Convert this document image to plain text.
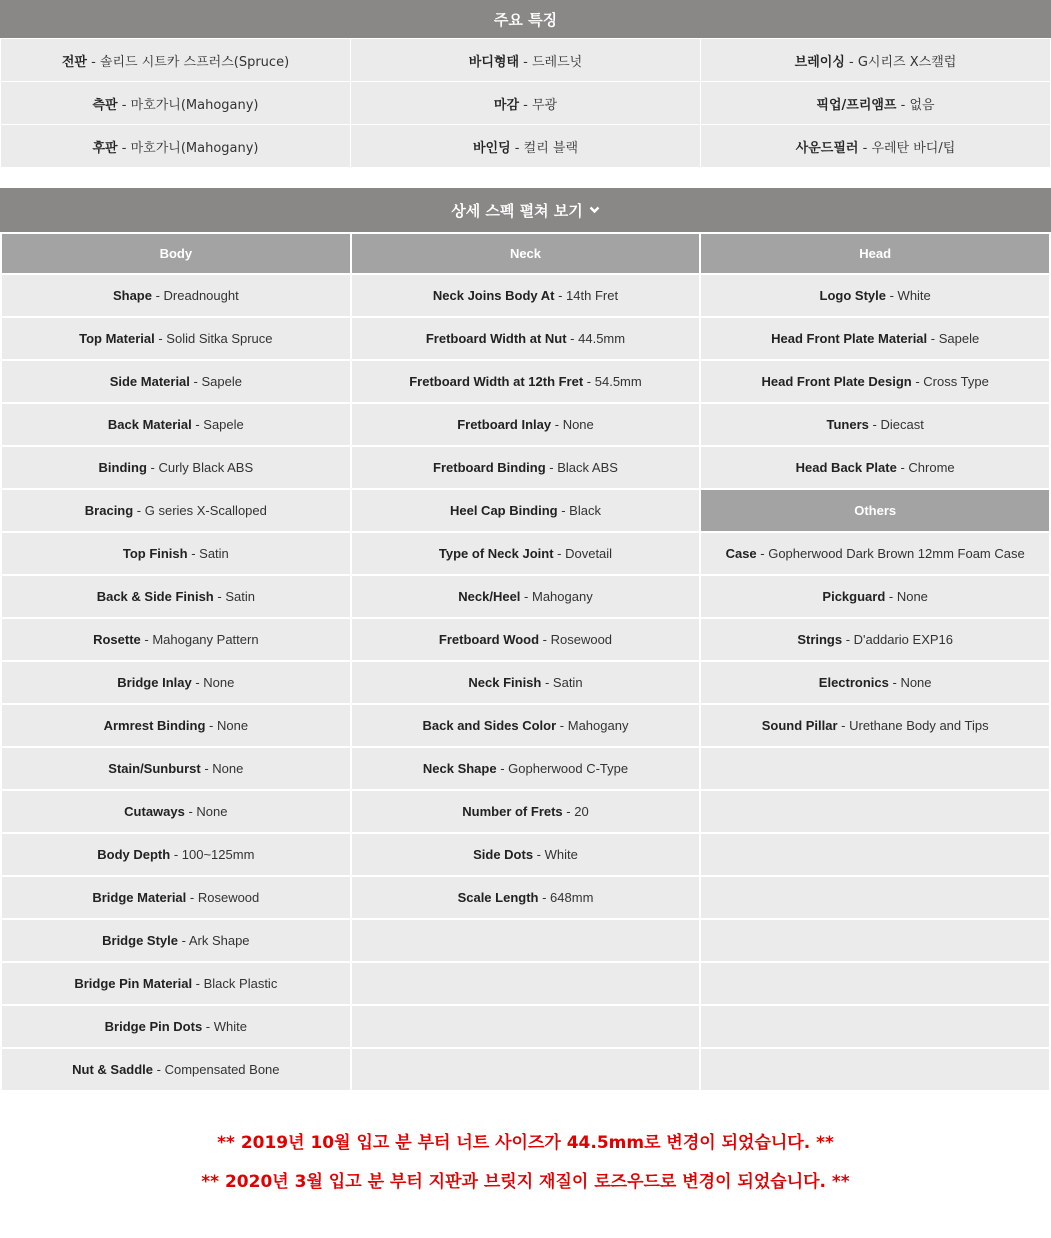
주요 특징
전판 - 솔리드 시트카 스프러스(Spruce)	바디형태 - 드레드넛	브레이싱 - G시리즈 X스캘럽
측판 - 마호가니(Mahogany)	마감 - 무광	픽업/프리앰프 - 없음
후판 - 마호가니(Mahogany)	바인딩 - 컬리 블랙	사운드필러 - 우레탄 바디/팁
상세 스펙 펼쳐 보기
Body	Neck	Head
Shape - Dreadnought	Neck Joins Body At - 14th Fret	Logo Style - White
Top Material - Solid Sitka Spruce	Fretboard Width at Nut - 44.5mm	Head Front Plate Material - Sapele
Side Material - Sapele	Fretboard Width at 12th Fret - 54.5mm	Head Front Plate Design - Cross Type
Back Material - Sapele	Fretboard Inlay - None	Tuners - Diecast
Binding - Curly Black ABS	Fretboard Binding - Black ABS	Head Back Plate - Chrome
Bracing - G series X-Scalloped	Heel Cap Binding - Black	Others
Top Finish - Satin	Type of Neck Joint - Dovetail	Case - Gopherwood Dark Brown 12mm Foam Case
Back & Side Finish - Satin	Neck/Heel - Mahogany	Pickguard - None
Rosette - Mahogany Pattern	Fretboard Wood - Rosewood	Strings - D'addario EXP16
Bridge Inlay - None	Neck Finish - Satin	Electronics - None
Armrest Binding - None	Back and Sides Color - Mahogany	Sound Pillar - Urethane Body and Tips
Stain/Sunburst - None	Neck Shape - Gopherwood C-Type	
Cutaways - None	Number of Frets - 20	
Body Depth - 100~125mm	Side Dots - White	
Bridge Material - Rosewood	Scale Length - 648mm	
Bridge Style - Ark Shape		
Bridge Pin Material - Black Plastic		
Bridge Pin Dots - White		
Nut & Saddle - Compensated Bone		
** 2019년 10월 입고 분 부터 너트 사이즈가 44.5mm로 변경이 되었습니다. **
** 2020년 3월 입고 분 부터 지판과 브릿지 재질이 로즈우드로 변경이 되었습니다. **
